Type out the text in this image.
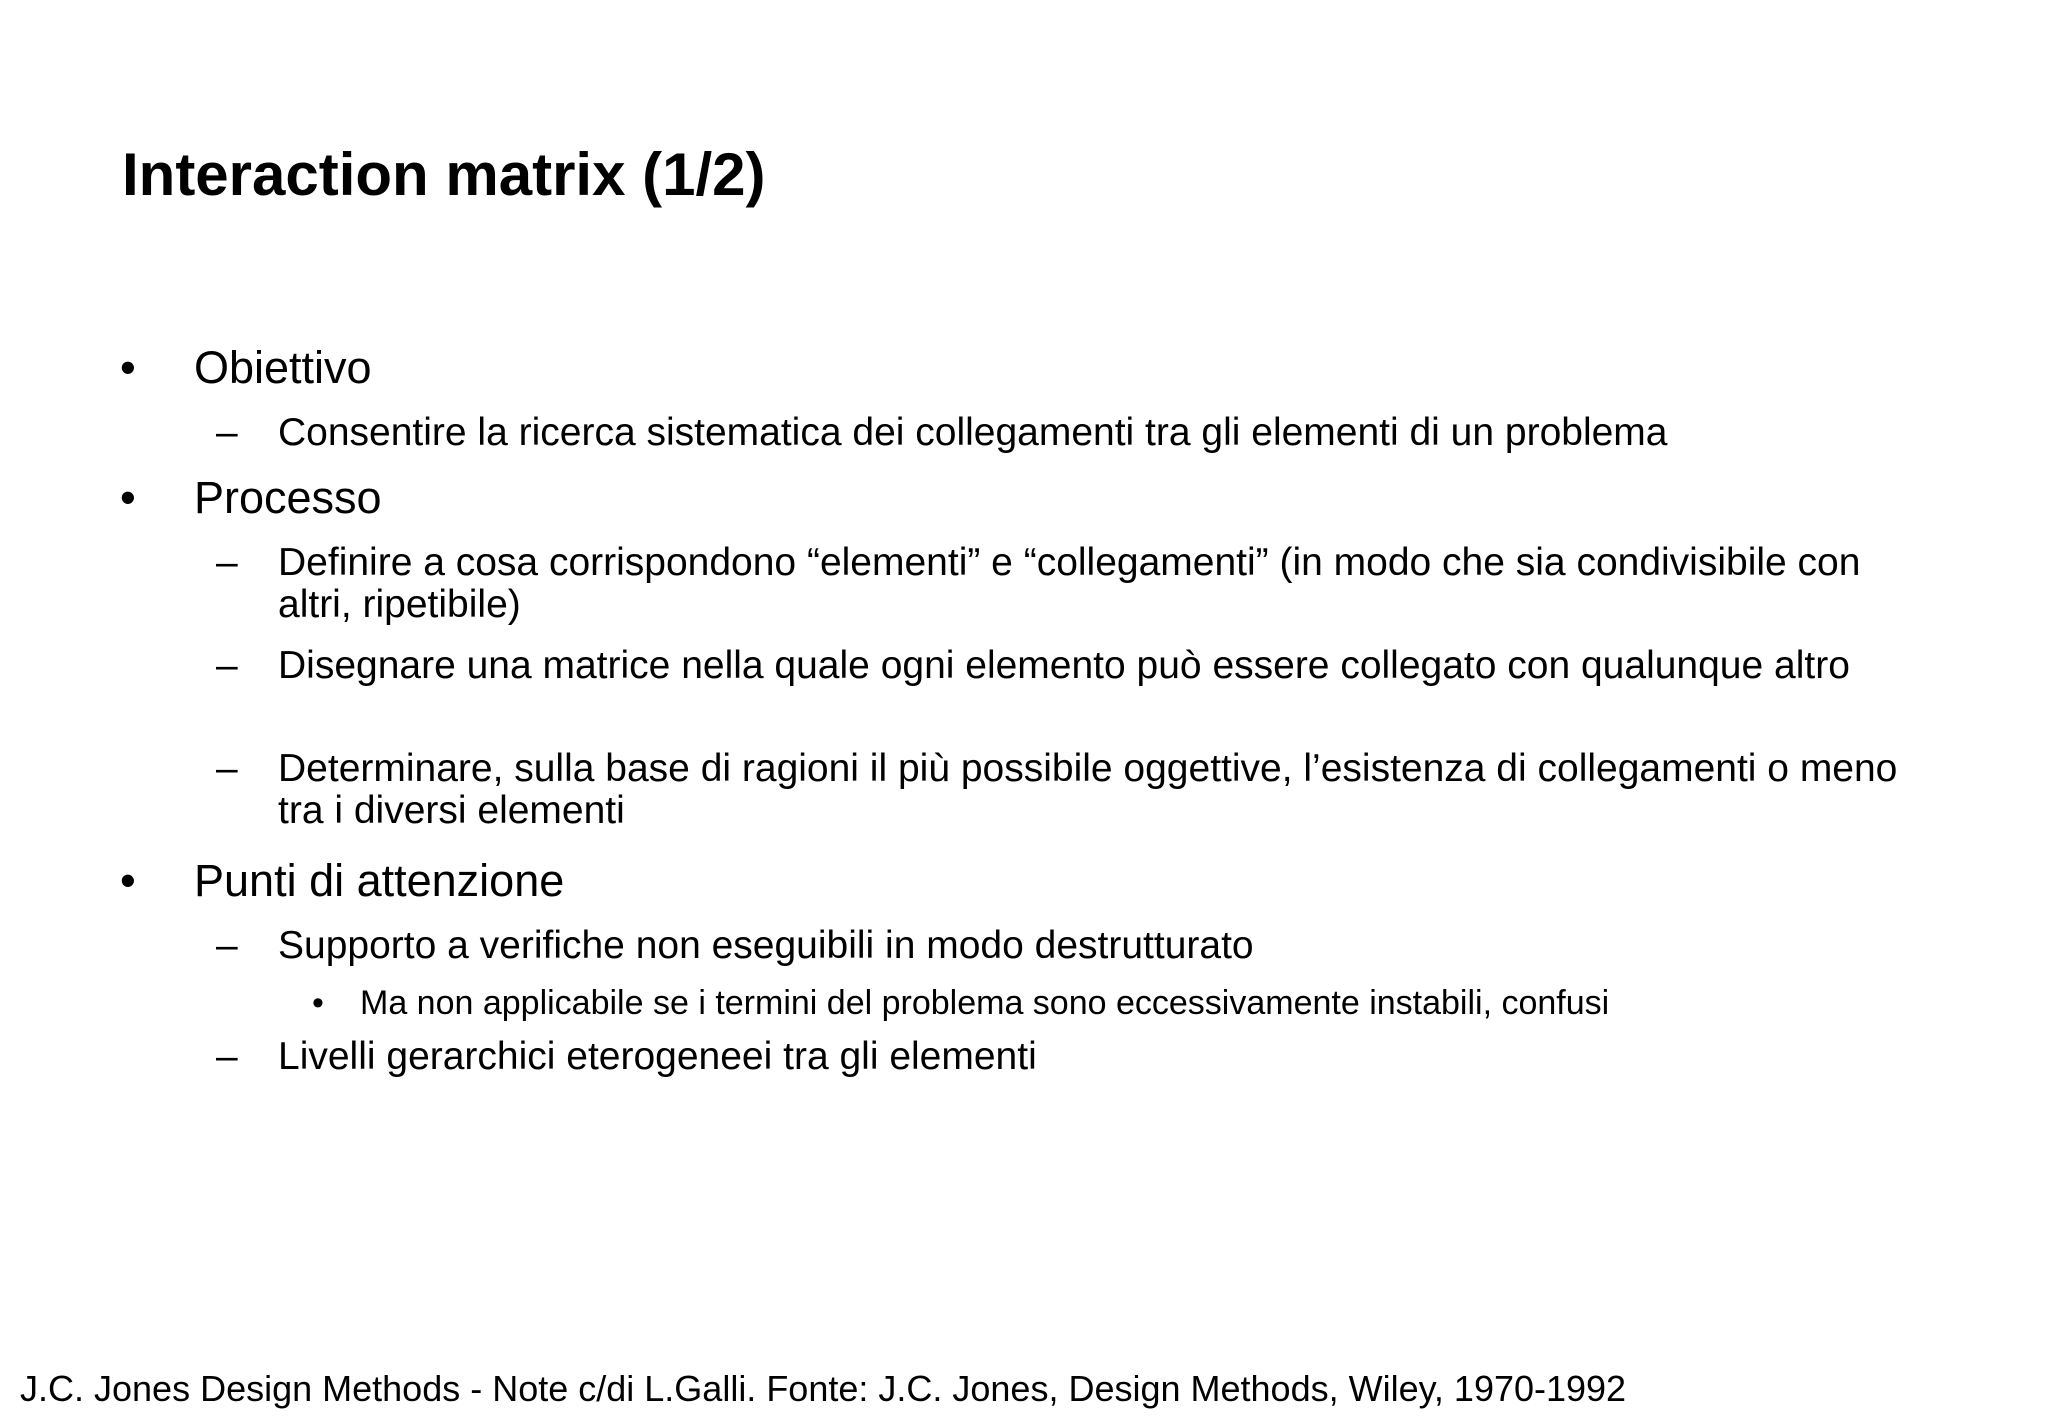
Interaction matrix (1/2)
• Obiettivo
– Consentire la ricerca sistematica dei collegamenti tra gli elementi di un problema
• Processo
– Definire a cosa corrispondono “elementi” e “collegamenti” (in modo che sia condivisibile con altri, ripetibile)
– Disegnare una matrice nella quale ogni elemento può essere collegato con qualunque altro
– Determinare, sulla base di ragioni il più possibile oggettive, l’esistenza di collegamenti o meno tra i diversi elementi
• Punti di attenzione
– Supporto a verifiche non eseguibili in modo destrutturato
• Ma non applicabile se i termini del problema sono eccessivamente instabili, confusi
– Livelli gerarchici eterogeneei tra gli elementi
J.C. Jones Design Methods - Note c/di L.Galli. Fonte: J.C. Jones, Design Methods, Wiley, 1970-1992
